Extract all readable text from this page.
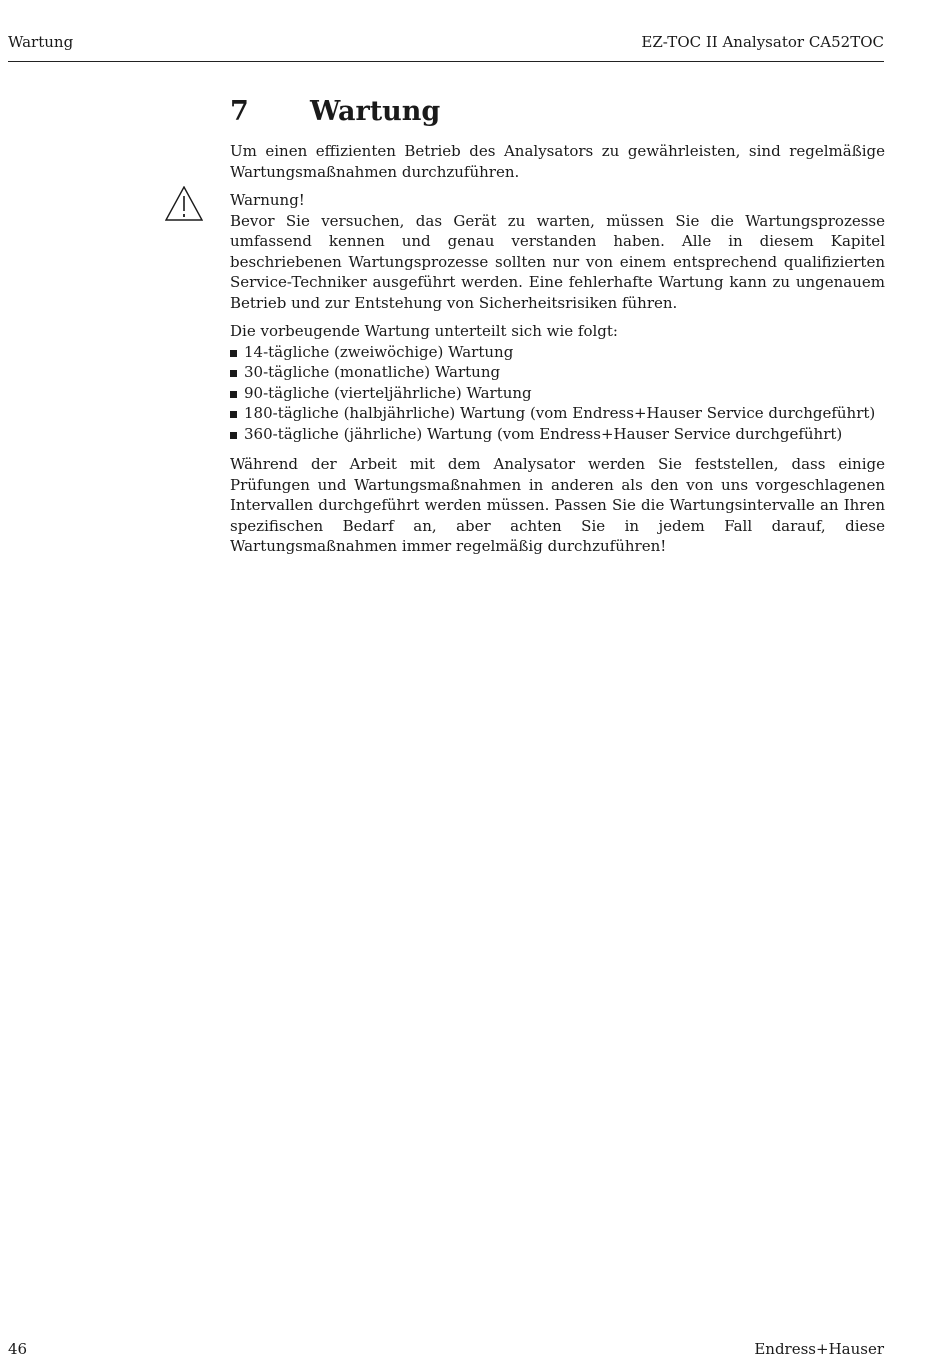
Wartung	EZ-TOC II Analysator CA52TOC
7 Wartung

Um einen effizienten Betrieb des Analysators zu gewährleisten, sind regelmäßige Wartungsmaßnahmen durchzuführen.

Warnung!

Bevor Sie versuchen, das Gerät zu warten, müssen Sie die Wartungsprozesse umfassend kennen und genau verstanden haben. Alle in diesem Kapitel beschriebenen Wartungsprozesse sollten nur von einem entsprechend qualifizierten Service-Techniker ausgeführt werden. Eine fehlerhafte Wartung kann zu ungenauem Betrieb und zur Entstehung von Sicherheitsrisiken führen.

Die vorbeugende Wartung unterteilt sich wie folgt:

14-tägliche (zweiwöchige) Wartung
30-tägliche (monatliche) Wartung
90-tägliche (vierteljährliche) Wartung
180-tägliche (halbjährliche) Wartung (vom Endress+Hauser Service durchgeführt)
360-tägliche (jährliche) Wartung (vom Endress+Hauser Service durchgeführt)

Während der Arbeit mit dem Analysator werden Sie feststellen, dass einige Prüfungen und Wartungsmaßnahmen in anderen als den von uns vorgeschlagenen Intervallen durchgeführt werden müssen. Passen Sie die Wartungsintervalle an Ihren spezifischen Bedarf an, aber achten Sie in jedem Fall darauf, diese Wartungsmaßnahmen immer regelmäßig durchzuführen!

46	Endress+Hauser
